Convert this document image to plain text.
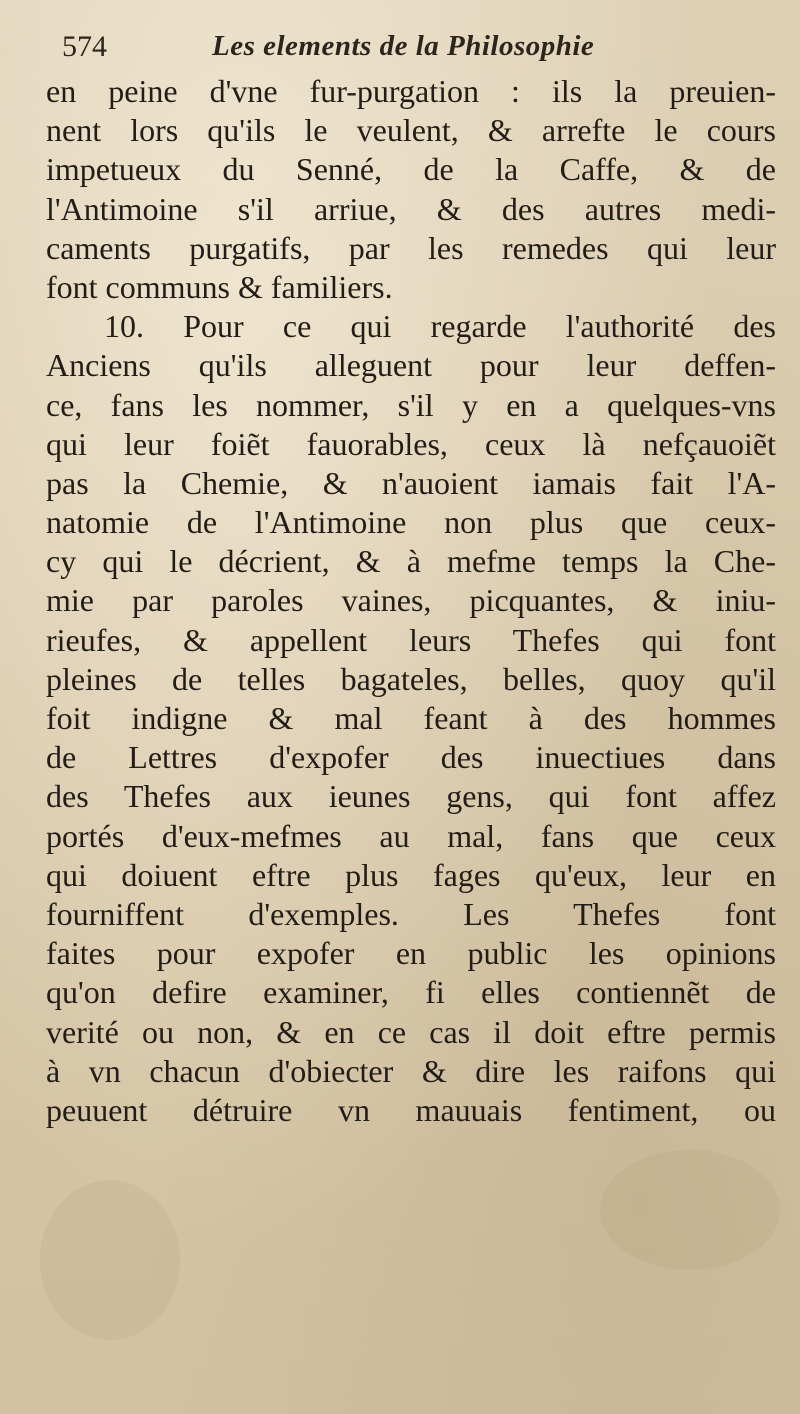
574	Les elements de la Philosophie
en peine d'vne fur-purgation : ils la preuien-
nent lors qu'ils le veulent, & arrefte le cours
impetueux du Senné, de la Caffe, & de
l'Antimoine s'il arriue, & des autres medi-
caments purgatifs, par les remedes qui leur
font communs & familiers.
10. Pour ce qui regarde l'authorité des
Anciens qu'ils alleguent pour leur deffen-
ce, fans les nommer, s'il y en a quelques-vns
qui leur foiẽt fauorables, ceux là nefçauoiẽt
pas la Chemie, & n'auoient iamais fait l'A-
natomie de l'Antimoine non plus que ceux-
cy qui le décrient, & à mefme temps la Che-
mie par paroles vaines, picquantes, & iniu-
rieufes, & appellent leurs Thefes qui font
pleines de telles bagateles, belles, quoy qu'il
foit indigne & mal feant à des hommes
de Lettres d'expofer des inuectiues dans
des Thefes aux ieunes gens, qui font affez
portés d'eux-mefmes au mal, fans que ceux
qui doiuent eftre plus fages qu'eux, leur en
fourniffent d'exemples. Les Thefes font
faites pour expofer en public les opinions
qu'on defire examiner, fi elles contiennẽt de
verité ou non, & en ce cas il doit eftre permis
à vn chacun d'obiecter & dire les raifons qui
peuuent détruire vn mauuais fentiment, ou
